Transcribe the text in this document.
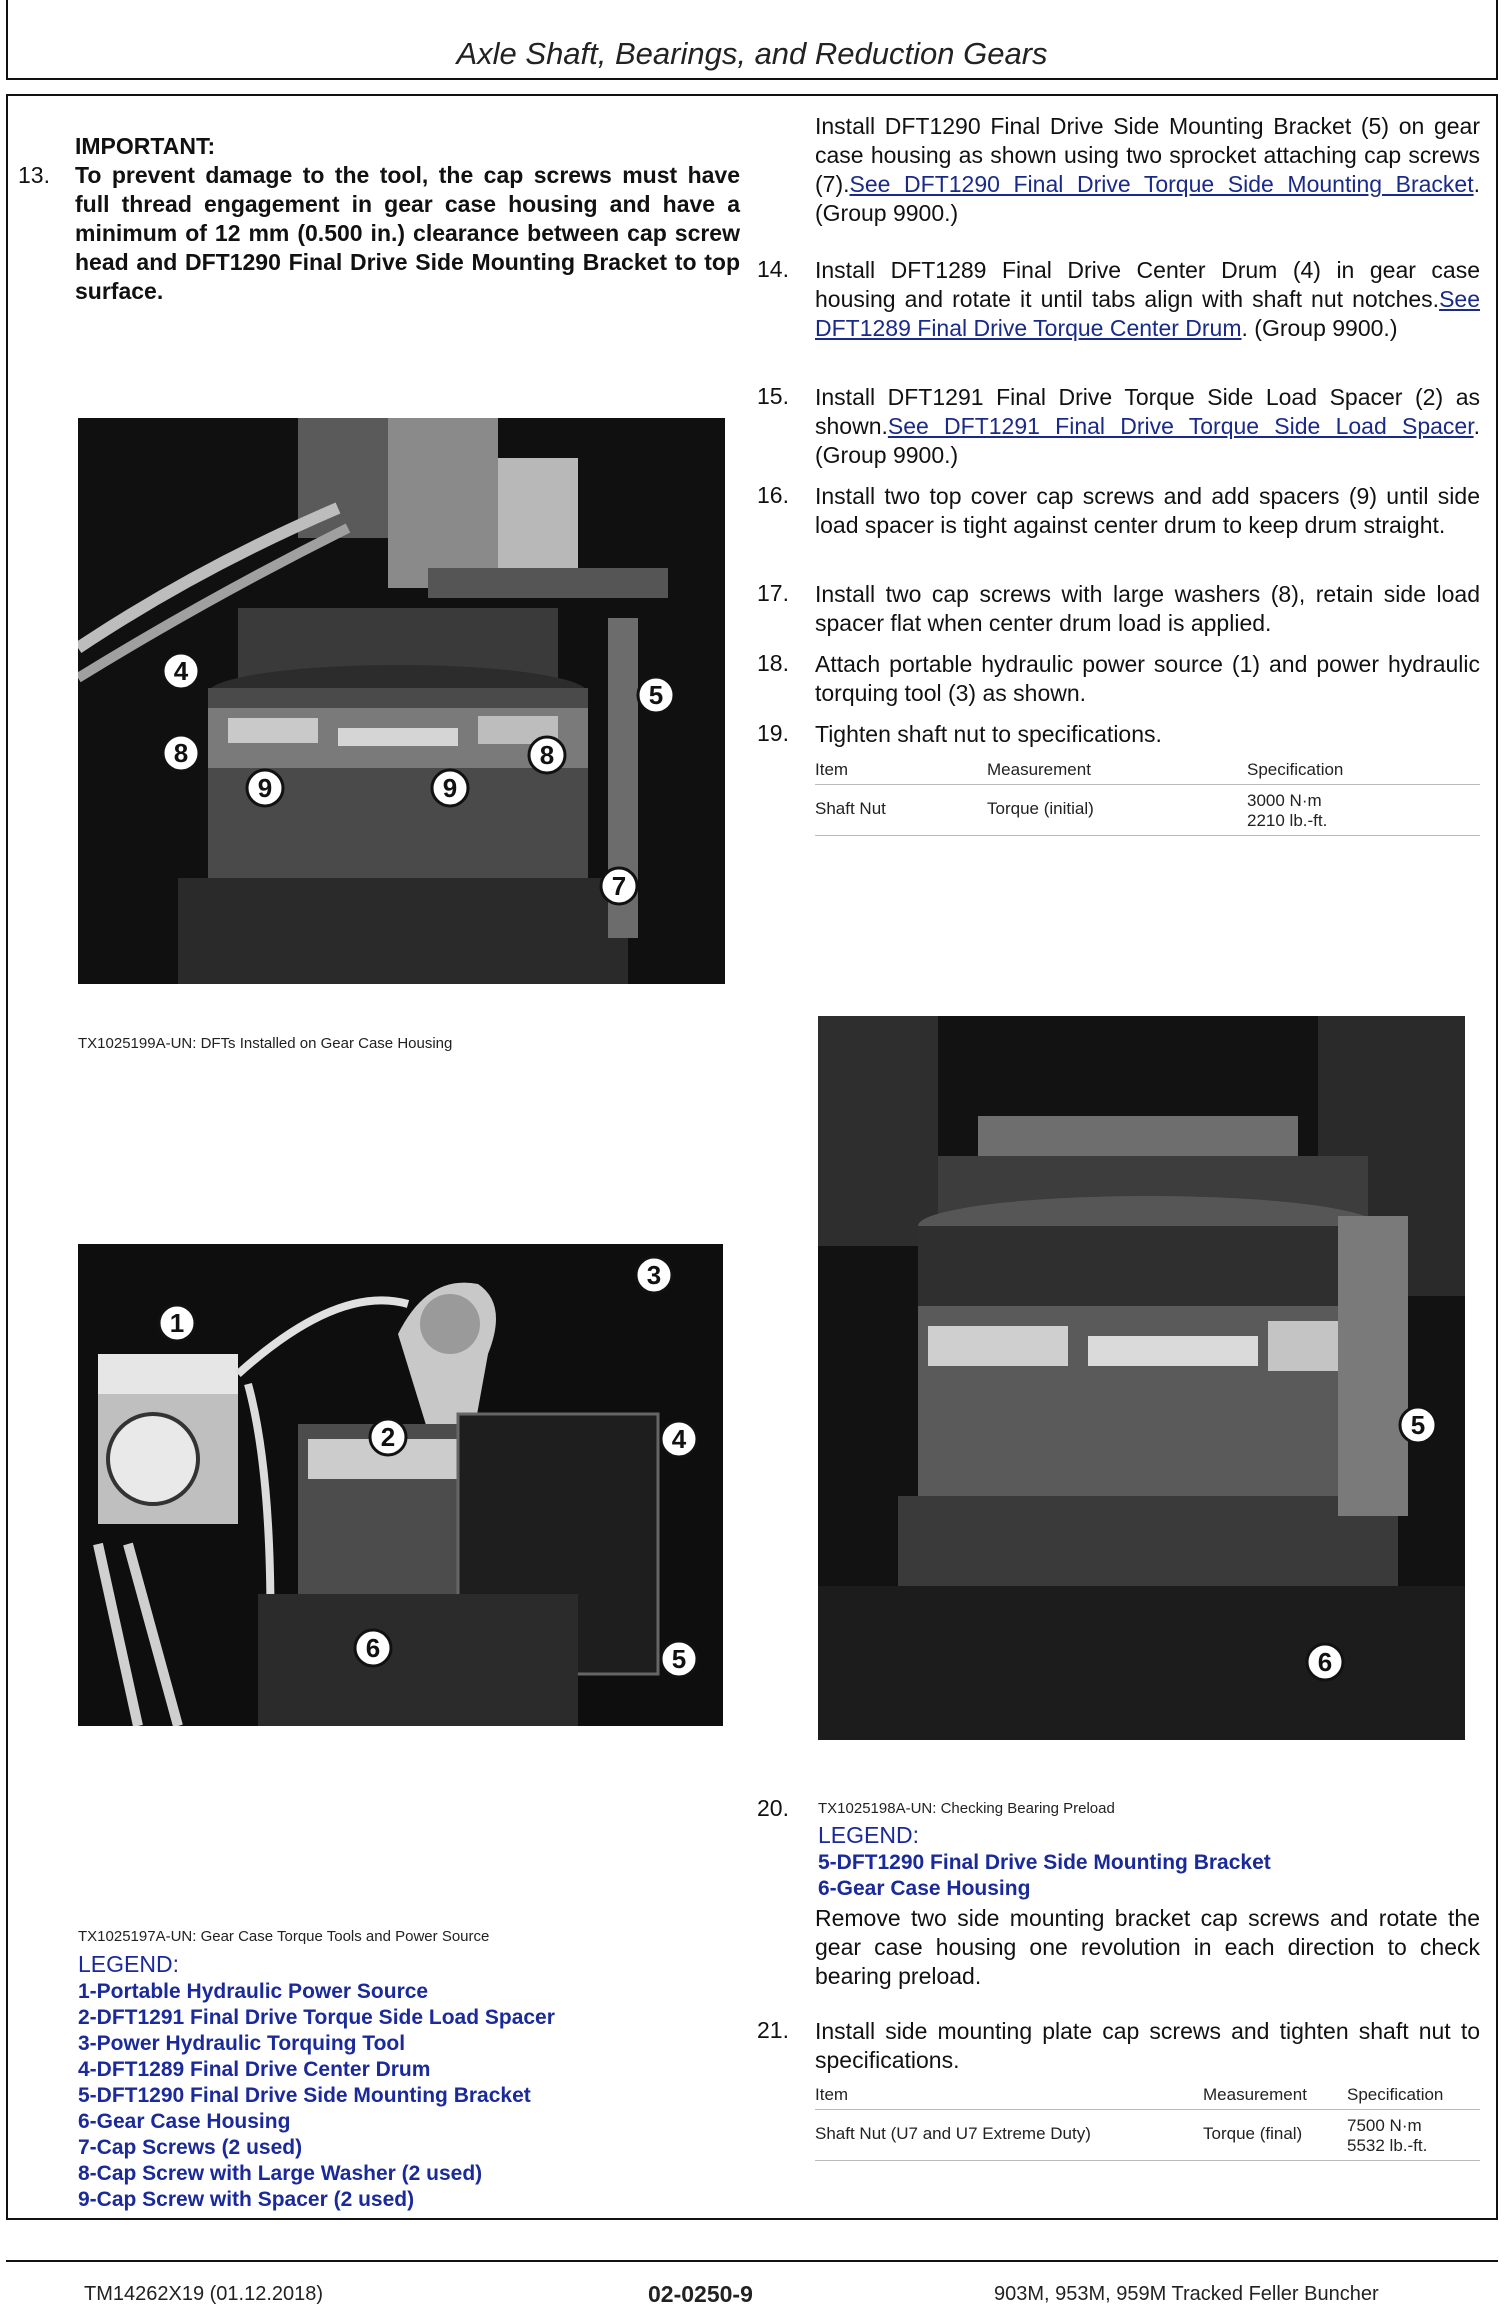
Axle Shaft, Bearings, and Reduction Gears
13.
IMPORTANT:
To prevent damage to the tool, the cap screws must have full thread engagement in gear case housing and have a minimum of 12 mm (0.500 in.) clearance between cap screw head and DFT1290 Final Drive Side Mounting Bracket to top surface.
Install DFT1290 Final Drive Side Mounting Bracket (5) on gear case housing as shown using two sprocket attaching cap screws (7).See DFT1290 Final Drive Torque Side Mounting Bracket. (Group 9900.)
14. Install DFT1289 Final Drive Center Drum (4) in gear case housing and rotate it until tabs align with shaft nut notches.See DFT1289 Final Drive Torque Center Drum. (Group 9900.)
15. Install DFT1291 Final Drive Torque Side Load Spacer (2) as shown.See DFT1291 Final Drive Torque Side Load Spacer. (Group 9900.)
16. Install two top cover cap screws and add spacers (9) until side load spacer is tight against center drum to keep drum straight.
17. Install two cap screws with large washers (8), retain side load spacer flat when center drum load is applied.
18. Attach portable hydraulic power source (1) and power hydraulic torquing tool (3) as shown.
19. Tighten shaft nut to specifications.
Item	Measurement	Specification
Shaft Nut	Torque (initial)	3000 N·m
2210 lb.-ft.
4
5
8
9	9
8
7
TX1025199A-UN: DFTs Installed on Gear Case Housing
5
6
1
3
2	4
6	5
20. TX1025198A-UN: Checking Bearing Preload
LEGEND:
5-DFT1290 Final Drive Side Mounting Bracket
6-Gear Case Housing
Remove two side mounting bracket cap screws and rotate the gear case housing one revolution in each direction to check bearing preload.
TX1025197A-UN: Gear Case Torque Tools and Power Source
LEGEND:
1-Portable Hydraulic Power Source
2-DFT1291 Final Drive Torque Side Load Spacer
3-Power Hydraulic Torquing Tool
4-DFT1289 Final Drive Center Drum
5-DFT1290 Final Drive Side Mounting Bracket
6-Gear Case Housing
7-Cap Screws (2 used)
8-Cap Screw with Large Washer (2 used)
9-Cap Screw with Spacer (2 used)
21. Install side mounting plate cap screws and tighten shaft nut to specifications.
Item	Measurement	Specification
Shaft Nut (U7 and U7 Extreme Duty)	Torque (final)	7500 N·m
5532 lb.-ft.
TM14262X19 (01.12.2018)	02-0250-9	903M, 953M, 959M Tracked Feller Buncher
